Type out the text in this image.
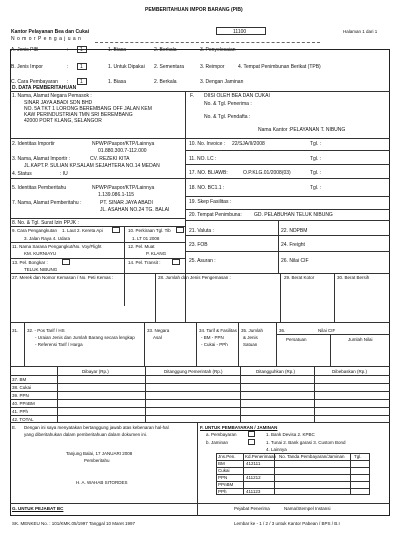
PEMBERITAHUAN IMPOR BARANG (PIB)
Kantor Pelayanan Bea dan Cukai	11100
N o m o r P e n g a j u a n
Halaman 1 dari 1
A. Jenis PIB	: 1	1. Biasa	2. Berkala	3. Penyelesaian
B. Jenis Impor	: 1	1. Untuk Dipakai 2. Sementara	3. Reimpor	4. Tempat Penimbunan Berikat (TPB)
C. Cara Pembayaran : 1	1. Biasa	2. Berkala	3. Dengan Jaminan
D. DATA PEMBERITAHUAN
1. Nama, Alamat Negara Pemasok :
SINAR JAYA ABADI SDN BHD
NO. 5A TKT 1 LORONG BEREMBANG OFF JALAN KEM
KAW PERINDUSTRIAN TMN SRI BEREMBANG
42000 PORT KLANG, SELANGOR
2. Identitas Importir	NPWP/Paspor/KTP/Lainnya
01.880.300.7-112.000
3. Nama, Alamat Importir :	CV. REZEKI KITA
JL.KAPT.P. SULIAN KP.SALAM SEJAHTERA NO.14 MEDAN
4. Status	: IU
5. Identitas Pemberitahu	NPWP/Paspor/KTP/Lainnya
1.139.086.1-115
7. Nama, Alamat Pemberitahu :	PT. SINAR JAYA ABADI
JL. ASAHAN NO.24 TG. BALAI
8. No. & Tgl. Surat Izin PPJK :
9. Cara Pengangkutan 1. Laut 2. Kereta Api
3. Jalan Raya 4. Udara
10. Perkiraan Tgl. Tib
1. LT 01 2008
11. Nama Sarana Pengangkut/No. Voy/Flight
KM. KURNIAYU
12. Pel. Muat
P. KLANG
13. Pel. Bongkar :
TELUK NIBUNG
14. Pel. Transit :
27. Merek dan Nomor Kemasan / No. Peti Kemas :	28. Jumlah dan Jenis Pengemasan :	29. Berat Kotor	30. Berat Bersih
F. DIISI OLEH BEA DAN CUKAI
No. & Tgl. Penerima :
No. & Tgl. Pendafta :
Nama Kantor : PELAYANAN T. NIBUNG
10. No. Invoice : 22/SJA/II/2008	Tgl. :
11. NO. LC :	Tgl. :
17. NO. BL/AWB:	O.P.KLG.01/2008(03)	Tgl. :
18. NO. BC1.1 :	Tgl. :
19. Skep Fasilitas :
20. Tempat Penimbuna: GD. PELABUHAN TELUK NIBUNG
21. Valuta :	22. NDPBM
23. FOB	24. Freight
25. Asuran :	26. Nilai CIF
31. 32. - Pos Tarif / HS
- Uraian Jenis dan Jumlah Barang secara lengkap
- Referensi Tarif / Harga
33. Negara
Asal
34. Tarif & Fasilitas
- BM - PPN
- Cukai - PPh
35. Jumlah
& Jenis
Satuan
36.	Nilai CIF
Persatuan	Jumlah Nilai
Dibayar (Rp.)	Ditanggung Pemerintah (Rp.)	Ditangguhkan (Rp.)	Dibebaskan (Rp.)
37. BM
38. Cukai
39. PPN
40. PPnBM
41. PPh
42. TOTAL
E. Dengan ini saya menyatakan bertanggung jawab atas kebenaran hal-hal
yang diberitahukan dalam pemberitahuan dalam dokumen ini.
Tanjung Balai, 17 JANUARI 2008
Pemberitahu
H. A. WAHAB SITORDES
F. UNTUK PEMBAYARAN / JAMINAN
a. Pembayaran	1. Bank Devisa 2. KPBC
b. Jaminan	1. Tunai 2. Bank garasi 3. Custom Bond
4. Lainnya
Jns.Pen. Kd.Penerimaan No. Tanda Pembayaran/Jaminan Tgl.
BM	412111
Cukai
PPN	411212
PPnBM
PPh	411123
G. UNTUK PEJABAT BC	Pejabat Penerima	Nama/Stempel Instansi
SK. MENKEU No. : 101/KMK.05/1997 Tanggal 10 Maret 1997	Lembar ke - 1 / 2 / 3 untuk Kantor Pabean / BPS / B.I
